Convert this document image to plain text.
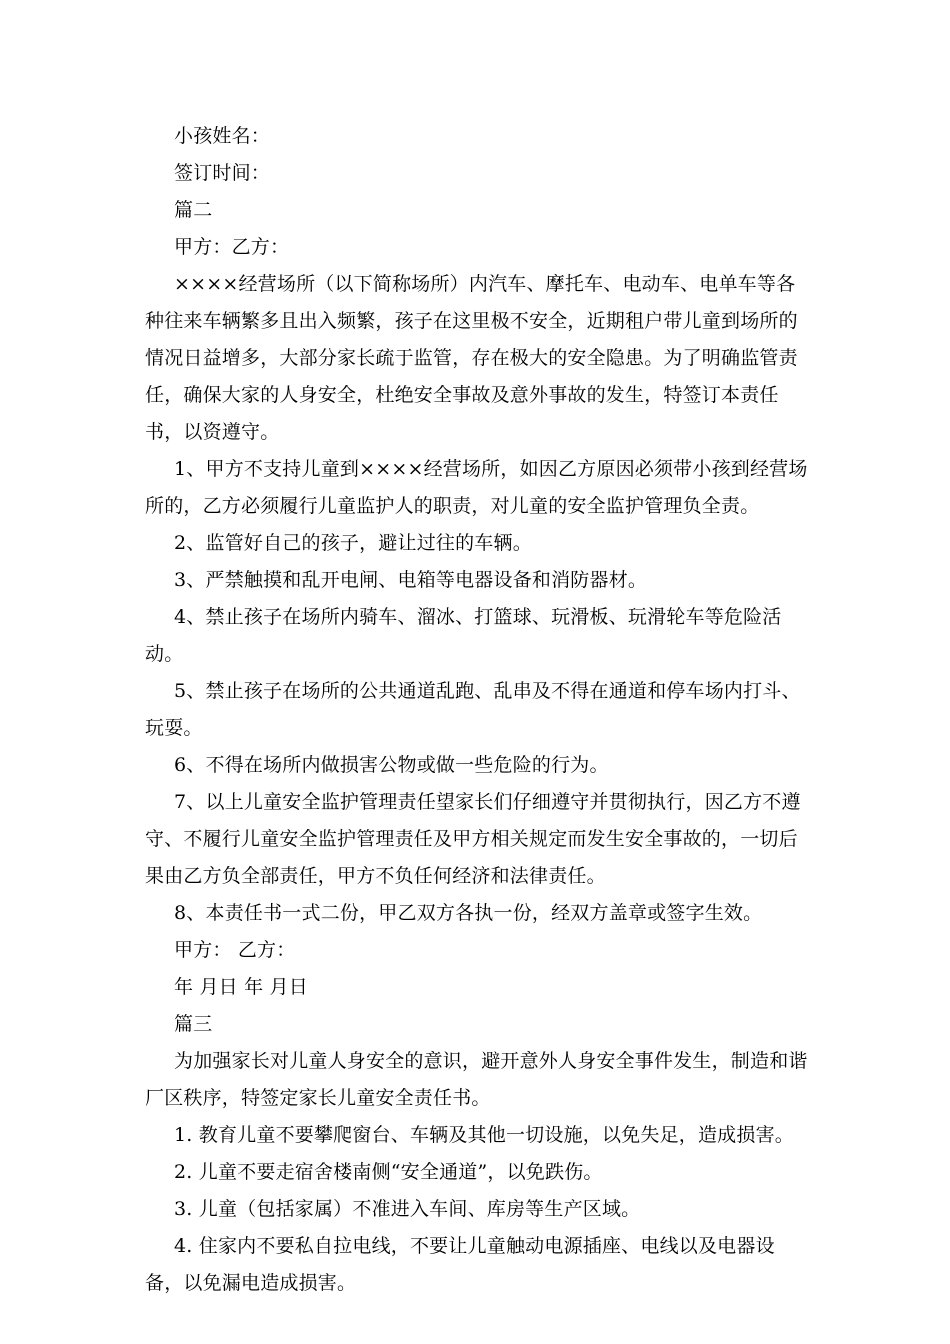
小孩姓名：

签订时间：

篇二

甲方：乙方：

××××经营场所（以下简称场所）内汽车、摩托车、电动车、电单车等各种往来车辆繁多且出入频繁，孩子在这里极不安全，近期租户带儿童到场所的情况日益增多，大部分家长疏于监管，存在极大的安全隐患。为了明确监管责任，确保大家的人身安全，杜绝安全事故及意外事故的发生，特签订本责任书，以资遵守。

1、甲方不支持儿童到××××经营场所，如因乙方原因必须带小孩到经营场所的，乙方必须履行儿童监护人的职责，对儿童的安全监护管理负全责。

2、监管好自己的孩子，避让过往的车辆。

3、严禁触摸和乱开电闸、电箱等电器设备和消防器材。

4、禁止孩子在场所内骑车、溜冰、打篮球、玩滑板、玩滑轮车等危险活动。

5、禁止孩子在场所的公共通道乱跑、乱串及不得在通道和停车场内打斗、玩耍。

6、不得在场所内做损害公物或做一些危险的行为。

7、以上儿童安全监护管理责任望家长们仔细遵守并贯彻执行，因乙方不遵守、不履行儿童安全监护管理责任及甲方相关规定而发生安全事故的，一切后果由乙方负全部责任，甲方不负任何经济和法律责任。

8、本责任书一式二份，甲乙双方各执一份，经双方盖章或签字生效。

甲方： 乙方：

年 月日 年 月日

篇三

为加强家长对儿童人身安全的意识，避开意外人身安全事件发生，制造和谐厂区秩序，特签定家长儿童安全责任书。

1. 教育儿童不要攀爬窗台、车辆及其他一切设施，以免失足，造成损害。

2. 儿童不要走宿舍楼南侧“安全通道”，以免跌伤。

3. 儿童（包括家属）不准进入车间、库房等生产区域。

4. 住家内不要私自拉电线，不要让儿童触动电源插座、电线以及电器设备，以免漏电造成损害。
